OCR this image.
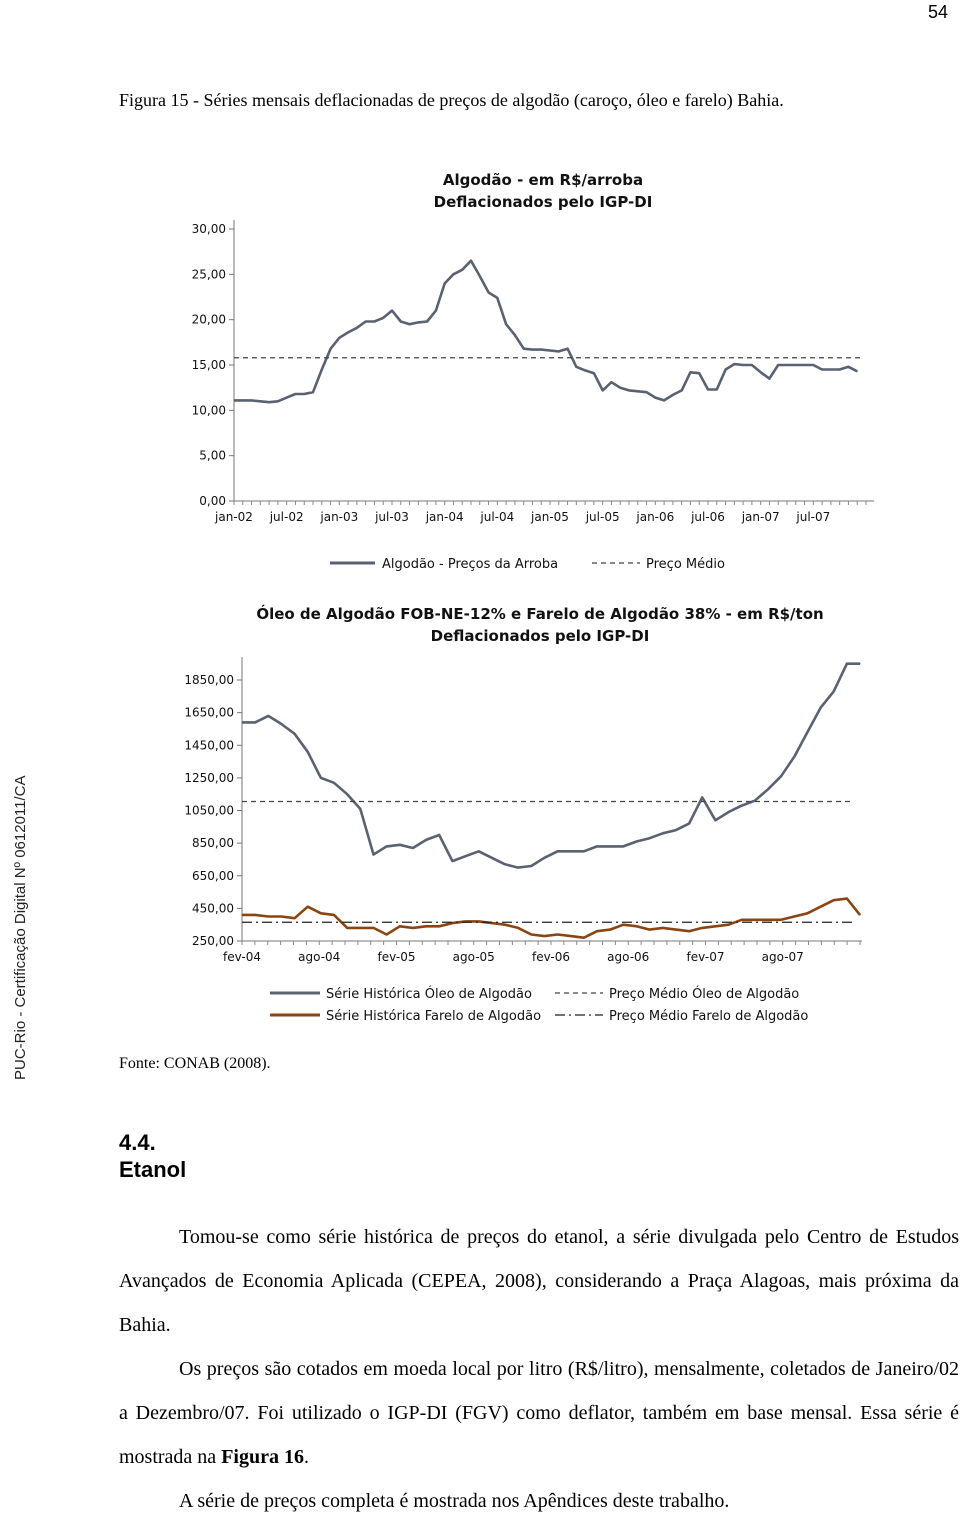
54
PUC-Rio - Certificação Digital Nº 0612011/CA
Figura 15 - Séries mensais deflacionadas de preços de algodão (caroço, óleo e farelo) Bahia.
Algodão - em R$/arroba
Deflacionados pelo IGP-DI
30,00
25,00
20,00
15,00
10,00
5,00
0,00
jan-02 jul-02 jan-03 jul-03 jan-04 jul-04 jan-05 jul-05 jan-06 jul-06 jan-07 jul-07
Algodão - Preços da Arroba	Preço Médio
Óleo de Algodão FOB-NE-12% e Farelo de Algodão 38% - em R$/ton
Deflacionados pelo IGP-DI
1850,00
1650,00
1450,00
1250,00
1050,00
850,00
650,00
450,00
250,00
fev-04	ago-04	fev-05	ago-05	fev-06	ago-06	fev-07	ago-07
Série Histórica Óleo de Algodão	Preço Médio Óleo de Algodão
Série Histórica Farelo de Algodão	Preço Médio Farelo de Algodão
Fonte: CONAB (2008).
4.4.
Etanol
Tomou-se como série histórica de preços do etanol, a série divulgada pelo Centro de Estudos Avançados de Economia Aplicada (CEPEA, 2008), considerando a Praça Alagoas, mais próxima da Bahia.
Os preços são cotados em moeda local por litro (R$/litro), mensalmente, coletados de Janeiro/02 a Dezembro/07. Foi utilizado o IGP-DI (FGV) como deflator, também em base mensal. Essa série é mostrada na Figura 16.
A série de preços completa é mostrada nos Apêndices deste trabalho.
